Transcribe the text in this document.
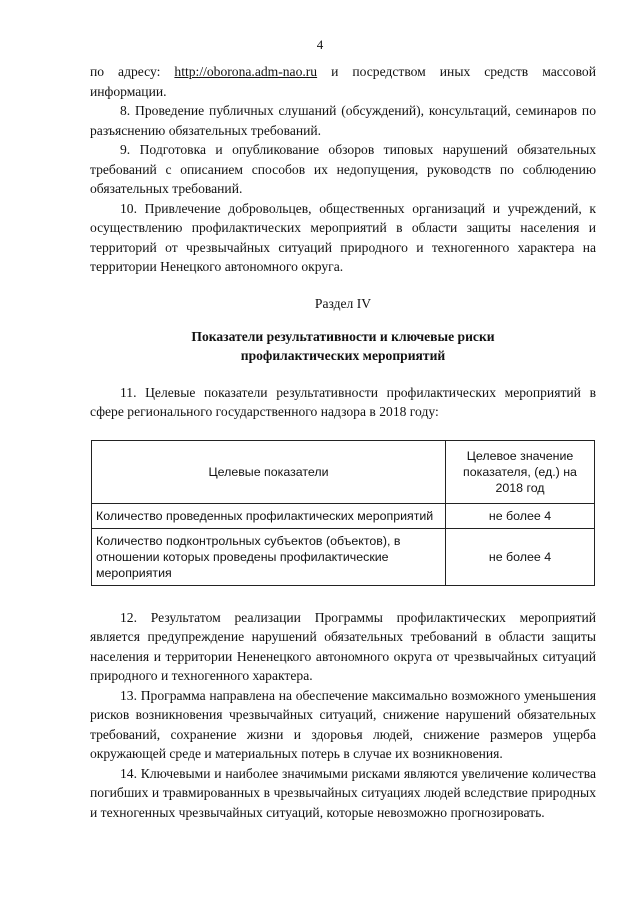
4

по адресу: http://oborona.adm-nao.ru и посредством иных средств массовой информации.

8. Проведение публичных слушаний (обсуждений), консультаций, семинаров по разъяснению обязательных требований.

9. Подготовка и опубликование обзоров типовых нарушений обязательных требований с описанием способов их недопущения, руководств по соблюдению обязательных требований.

10. Привлечение добровольцев, общественных организаций и учреждений, к осуществлению профилактических мероприятий в области защиты населения и территорий от чрезвычайных ситуаций природного и техногенного характера на территории Ненецкого автономного округа.

Раздел IV

Показатели результативности и ключевые риски

профилактических мероприятий

11. Целевые показатели результативности профилактических мероприятий в сфере регионального государственного надзора в 2018 году:

Целевые показатели	Целевое значение показателя, (ед.) на 2018 год
Количество проведенных профилактических мероприятий	не более 4
Количество подконтрольных субъектов (объектов), в отношении которых проведены профилактические мероприятия	не более 4

12. Результатом реализации Программы профилактических мероприятий является предупреждение нарушений обязательных требований в области защиты населения и территории Нененецкого автономного округа от чрезвычайных ситуаций природного и техногенного характера.

13. Программа направлена на обеспечение максимально возможного уменьшения рисков возникновения чрезвычайных ситуаций, снижение нарушений обязательных требований, сохранение жизни и здоровья людей, снижение размеров ущерба окружающей среде и материальных потерь в случае их возникновения.

14. Ключевыми и наиболее значимыми рисками являются увеличение количества погибших и травмированных в чрезвычайных ситуациях людей вследствие природных и техногенных чрезвычайных ситуаций, которые невозможно прогнозировать.
